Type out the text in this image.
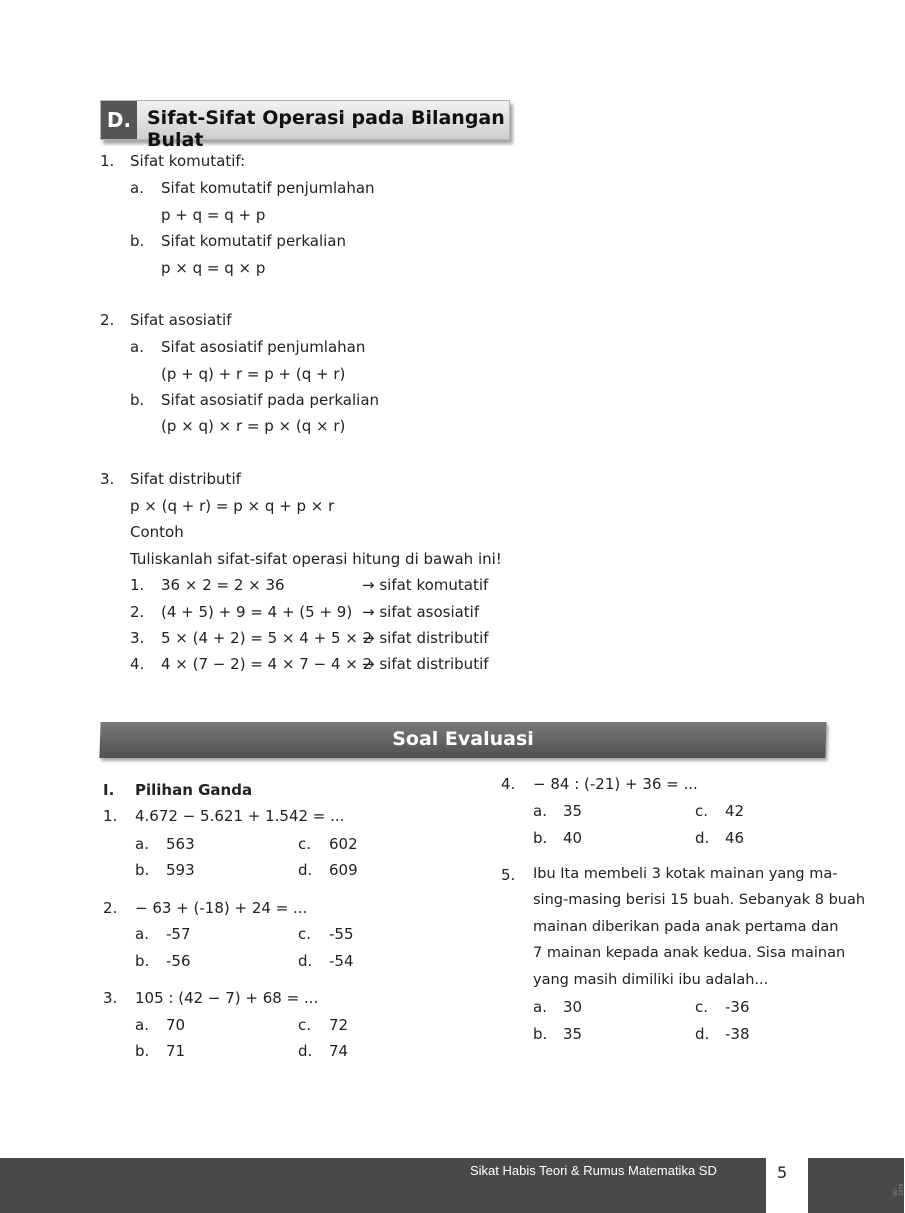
D. Sifat-Sifat Operasi pada Bilangan Bulat
1. Sifat komutatif:
a. Sifat komutatif penjumlahan
p + q = q + p
b. Sifat komutatif perkalian
p × q = q × p
2. Sifat asosiatif
a. Sifat asosiatif penjumlahan
(p + q) + r = p + (q + r)
b. Sifat asosiatif pada perkalian
(p × q) × r = p × (q × r)
3. Sifat distributif
p × (q + r) = p × q + p × r
Contoh
Tuliskanlah sifat-sifat operasi hitung di bawah ini!
1. 36 × 2 = 2 × 36	→ sifat komutatif
2. (4 + 5) + 9 = 4 + (5 + 9) → sifat asosiatif
3. 5 × (4 + 2) = 5 × 4 + 5 × 2
→ sifat distributif
4. 4 × (7 − 2) = 4 × 7 − 4 × 2
→ sifat distributif
Soal Evaluasi
I. Pilihan Ganda
1. 4.672 − 5.621 + 1.542 = ...
a. 563	c. 602
b. 593	d. 609
2. − 63 + (-18) + 24 = ...
a. -57	c. -55
b. -56	d. -54
3. 105 : (42 − 7) + 68 = ...
a. 70	c. 72
b. 71	d. 74
4. − 84 : (-21) + 36 = ...
a. 35	c. 42
b. 40	d. 46
5. Ibu Ita membeli 3 kotak mainan yang ma-
sing-masing berisi 15 buah. Sebanyak 8 buah
mainan diberikan pada anak pertama dan
7 mainan kepada anak kedua. Sisa mainan
yang masih dimiliki ibu adalah...
a. 30	c. -36
b. 35	d. -38
Sikat Habis Teori & Rumus Matematika SD	5
00-1578
